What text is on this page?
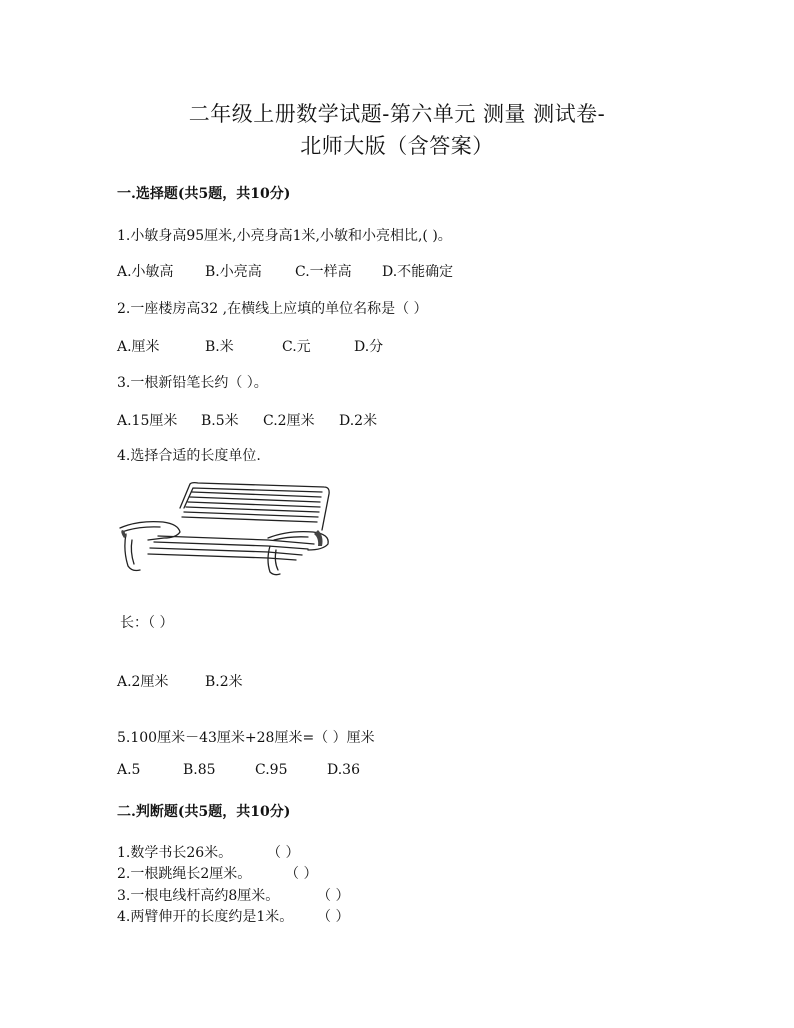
二年级上册数学试题-第六单元 测量 测试卷-
北师大版（含答案）
一.选择题(共5题，共10分)
1.小敏身高95厘米,小亮身高1米,小敏和小亮相比,( )。
A.小敏高 B.小亮高 C.一样高 D.不能确定
2.一座楼房高32 ,在横线上应填的单位名称是（ ）
A.厘米	B.米	C.元	D.分
3.一根新铅笔长约（ ）。
A.15厘米 B.5米 C.2厘米 D.2米
4.选择合适的长度单位.
长：（ ）
A.2厘米	B.2米
5.100厘米－43厘米+28厘米=（ ）厘米
A.5	B.85	C.95	D.36
二.判断题(共5题，共10分)
1.数学书长26米。 （ ）
2.一根跳绳长2厘米。 （ ）
3.一根电线杆高约8厘米。	（ ）
4.两臂伸开的长度约是1米。 （ ）
